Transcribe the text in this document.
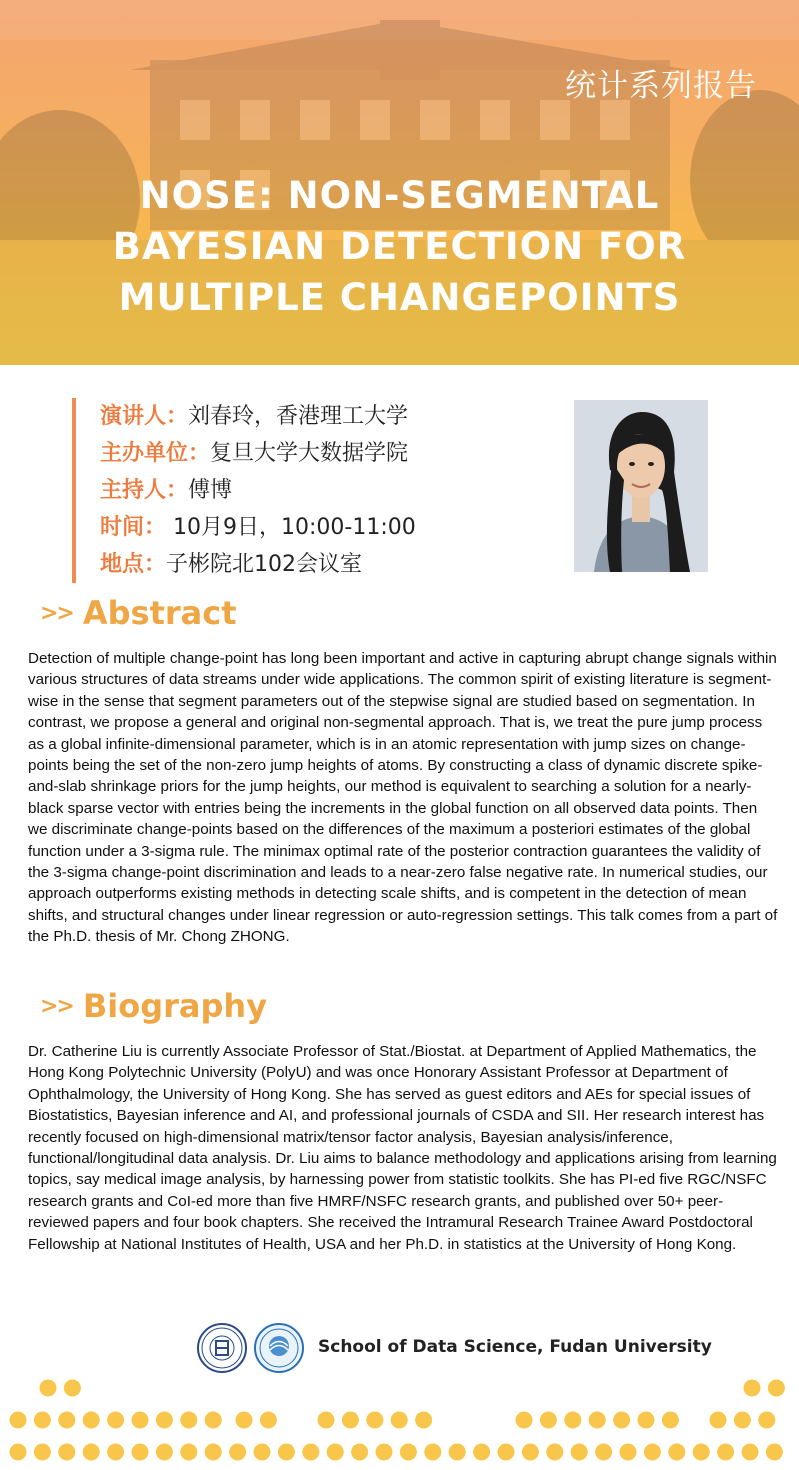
统计系列报告
NOSE: NON-SEGMENTAL BAYESIAN DETECTION FOR MULTIPLE CHANGEPOINTS
演讲人：刘春玲，香港理工大学
主办单位：复旦大学大数据学院
主持人：傅博
时间： 10月9日，10:00-11:00
地点：子彬院北102会议室
>> Abstract
Detection of multiple change-point has long been important and active in capturing abrupt change signals within various structures of data streams under wide applications. The common spirit of existing literature is segment-wise in the sense that segment parameters out of the stepwise signal are studied based on segmentation. In contrast, we propose a general and original non-segmental approach. That is, we treat the pure jump process as a global infinite-dimensional parameter, which is in an atomic representation with jump sizes on change-points being the set of the non-zero jump heights of atoms. By constructing a class of dynamic discrete spike-and-slab shrinkage priors for the jump heights, our method is equivalent to searching a solution for a nearly-black sparse vector with entries being the increments in the global function on all observed data points. Then we discriminate change-points based on the differences of the maximum a posteriori estimates of the global function under a 3-sigma rule. The minimax optimal rate of the posterior contraction guarantees the validity of the 3-sigma change-point discrimination and leads to a near-zero false negative rate. In numerical studies, our approach outperforms existing methods in detecting scale shifts, and is competent in the detection of mean shifts, and structural changes under linear regression or auto-regression settings. This talk comes from a part of the Ph.D. thesis of Mr. Chong ZHONG.
>> Biography
Dr. Catherine Liu is currently Associate Professor of Stat./Biostat. at Department of Applied Mathematics, the Hong Kong Polytechnic University (PolyU) and was once Honorary Assistant Professor at Department of Ophthalmology, the University of Hong Kong. She has served as guest editors and AEs for special issues of Biostatistics, Bayesian inference and AI, and professional journals of CSDA and SII. Her research interest has recently focused on high-dimensional matrix/tensor factor analysis, Bayesian analysis/inference, functional/longitudinal data analysis. Dr. Liu aims to balance methodology and applications arising from learning topics, say medical image analysis, by harnessing power from statistic toolkits. She has PI-ed five RGC/NSFC research grants and CoI-ed more than five HMRF/NSFC research grants, and published over 50+ peer-reviewed papers and four book chapters. She received the Intramural Research Trainee Award Postdoctoral Fellowship at National Institutes of Health, USA and her Ph.D. in statistics at the University of Hong Kong.
School of Data Science, Fudan University
